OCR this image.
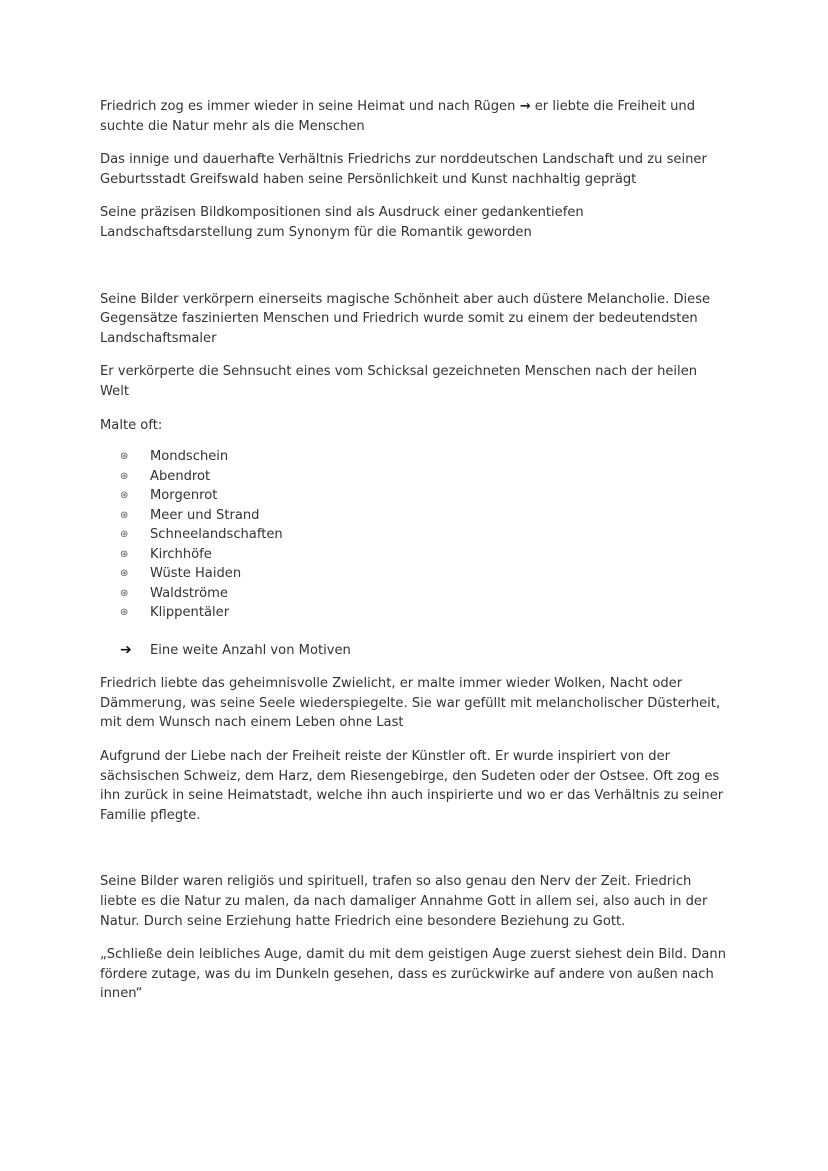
Friedrich zog es immer wieder in seine Heimat und nach Rügen → er liebte die Freiheit und suchte die Natur mehr als die Menschen

Das innige und dauerhafte Verhältnis Friedrichs zur norddeutschen Landschaft und zu seiner Geburtsstadt Greifswald haben seine Persönlichkeit und Kunst nachhaltig geprägt

Seine präzisen Bildkompositionen sind als Ausdruck einer gedankentiefen Landschaftsdarstellung zum Synonym für die Romantik geworden

Seine Bilder verkörpern einerseits magische Schönheit aber auch düstere Melancholie. Diese Gegensätze faszinierten Menschen und Friedrich wurde somit zu einem der bedeutendsten Landschaftsmaler

Er verkörperte die Sehnsucht eines vom Schicksal gezeichneten Menschen nach der heilen Welt

Malte oft:

⊛	Mondschein
⊛	Abendrot
⊛	Morgenrot
⊛	Meer und Strand
⊛	Schneelandschaften
⊛	Kirchhöfe
⊛	Wüste Haiden
⊛	Waldströme
⊛	Klippentäler
➔	Eine weite Anzahl von Motiven

Friedrich liebte das geheimnisvolle Zwielicht, er malte immer wieder Wolken, Nacht oder Dämmerung, was seine Seele wiederspiegelte. Sie war gefüllt mit melancholischer Düsterheit, mit dem Wunsch nach einem Leben ohne Last

Aufgrund der Liebe nach der Freiheit reiste der Künstler oft. Er wurde inspiriert von der sächsischen Schweiz, dem Harz, dem Riesengebirge, den Sudeten oder der Ostsee. Oft zog es ihn zurück in seine Heimatstadt, welche ihn auch inspirierte und wo er das Verhältnis zu seiner Familie pflegte.

Seine Bilder waren religiös und spirituell, trafen so also genau den Nerv der Zeit. Friedrich liebte es die Natur zu malen, da nach damaliger Annahme Gott in allem sei, also auch in der Natur. Durch seine Erziehung hatte Friedrich eine besondere Beziehung zu Gott.

„Schließe dein leibliches Auge, damit du mit dem geistigen Auge zuerst siehest dein Bild. Dann fördere zutage, was du im Dunkeln gesehen, dass es zurückwirke auf andere von außen nach innen“
